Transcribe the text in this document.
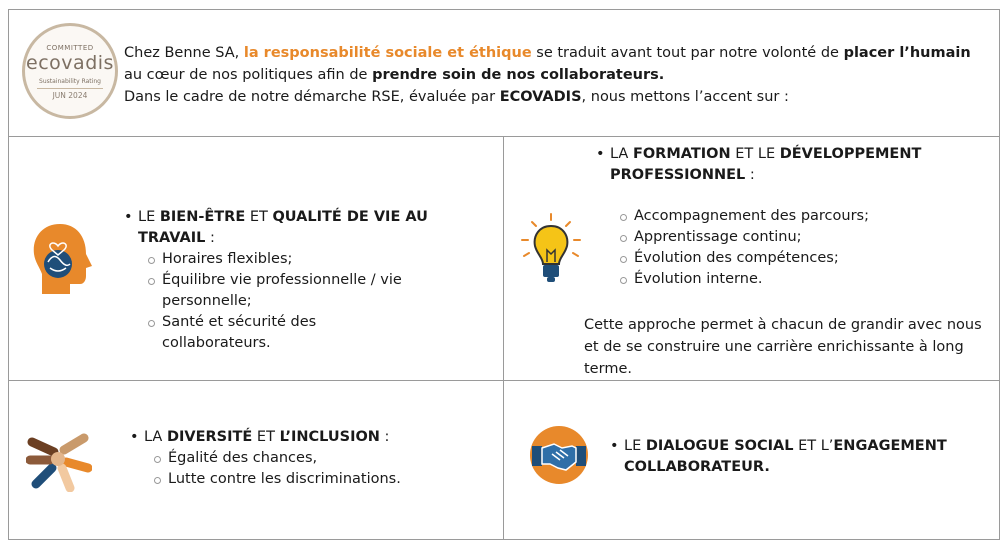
COMMITTED
ecovadis
Sustainability Rating
JUN 2024
Chez Benne SA, la responsabilité sociale et éthique se traduit avant tout par notre volonté de placer l’humain
au cœur de nos politiques afin de prendre soin de nos collaborateurs.
Dans le cadre de notre démarche RSE, évaluée par ECOVADIS, nous mettons l’accent sur :
• LE BIEN-ÊTRE ET QUALITÉ DE VIE AU TRAVAIL :
Horaires flexibles;
Équilibre vie professionnelle / vie personnelle;
Santé et sécurité des collaborateurs.
• LA FORMATION ET LE DÉVELOPPEMENT
PROFESSIONNEL :
Accompagnement des parcours;
Apprentissage continu;
Évolution des compétences;
Évolution interne.
Cette approche permet à chacun de grandir avec nous et de se construire une carrière enrichissante à long terme.
• LA DIVERSITÉ ET L’INCLUSION :
Égalité des chances,
Lutte contre les discriminations.
• LE DIALOGUE SOCIAL ET L’ENGAGEMENT
COLLABORATEUR.
